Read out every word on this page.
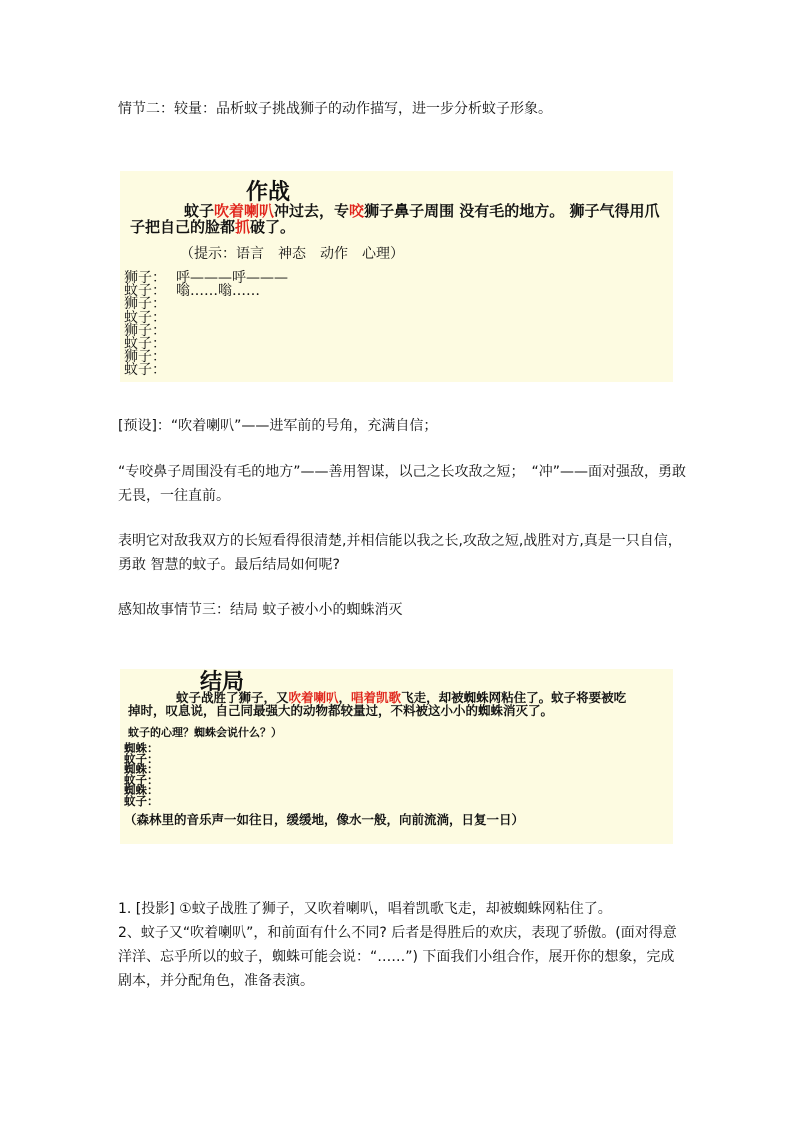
情节二：较量：品析蚊子挑战狮子的动作描写，进一步分析蚊子形象。

作战
蚊子吹着喇叭冲过去，专咬狮子鼻子周围 没有毛的地方。 狮子气得用爪子把自己的脸都抓破了。
（提示：语言　神态　动作　心理）
狮子： 呼———呼———
蚊子： 嗡……嗡……
狮子：
蚊子：
狮子：
蚊子：
狮子：
蚊子：

[预设]：“吹着喇叭”——进军前的号角，充满自信；

“专咬鼻子周围没有毛的地方”——善用智谋，以己之长攻敌之短；　“冲”——面对强敌，勇敢无畏，一往直前。

表明它对敌我双方的长短看得很清楚,并相信能以我之长,攻敌之短,战胜对方,真是一只自信，勇敢 智慧的蚊子。最后结局如何呢?

感知故事情节三：结局 蚊子被小小的蜘蛛消灭

结局
蚊子战胜了狮子，又吹着喇叭，唱着凯歌飞走，却被蜘蛛网粘住了。蚊子将要被吃掉时，叹息说，自己同最强大的动物都较量过，不料被这小小的蜘蛛消灭了。
蚊子的心理？蜘蛛会说什么？）
蜘蛛：
蚊子：
蜘蛛：
蚊子：
蜘蛛：
蚊子：
（森林里的音乐声一如往日，缓缓地，像水一般，向前流淌，日复一日）

1. [投影] ①蚊子战胜了狮子，又吹着喇叭，唱着凯歌飞走，却被蜘蛛网粘住了。

2、蚊子又“吹着喇叭”，和前面有什么不同? 后者是得胜后的欢庆，表现了骄傲。(面对得意洋洋、忘乎所以的蚊子，蜘蛛可能会说：“……”) 下面我们小组合作，展开你的想象，完成剧本，并分配角色，准备表演。
